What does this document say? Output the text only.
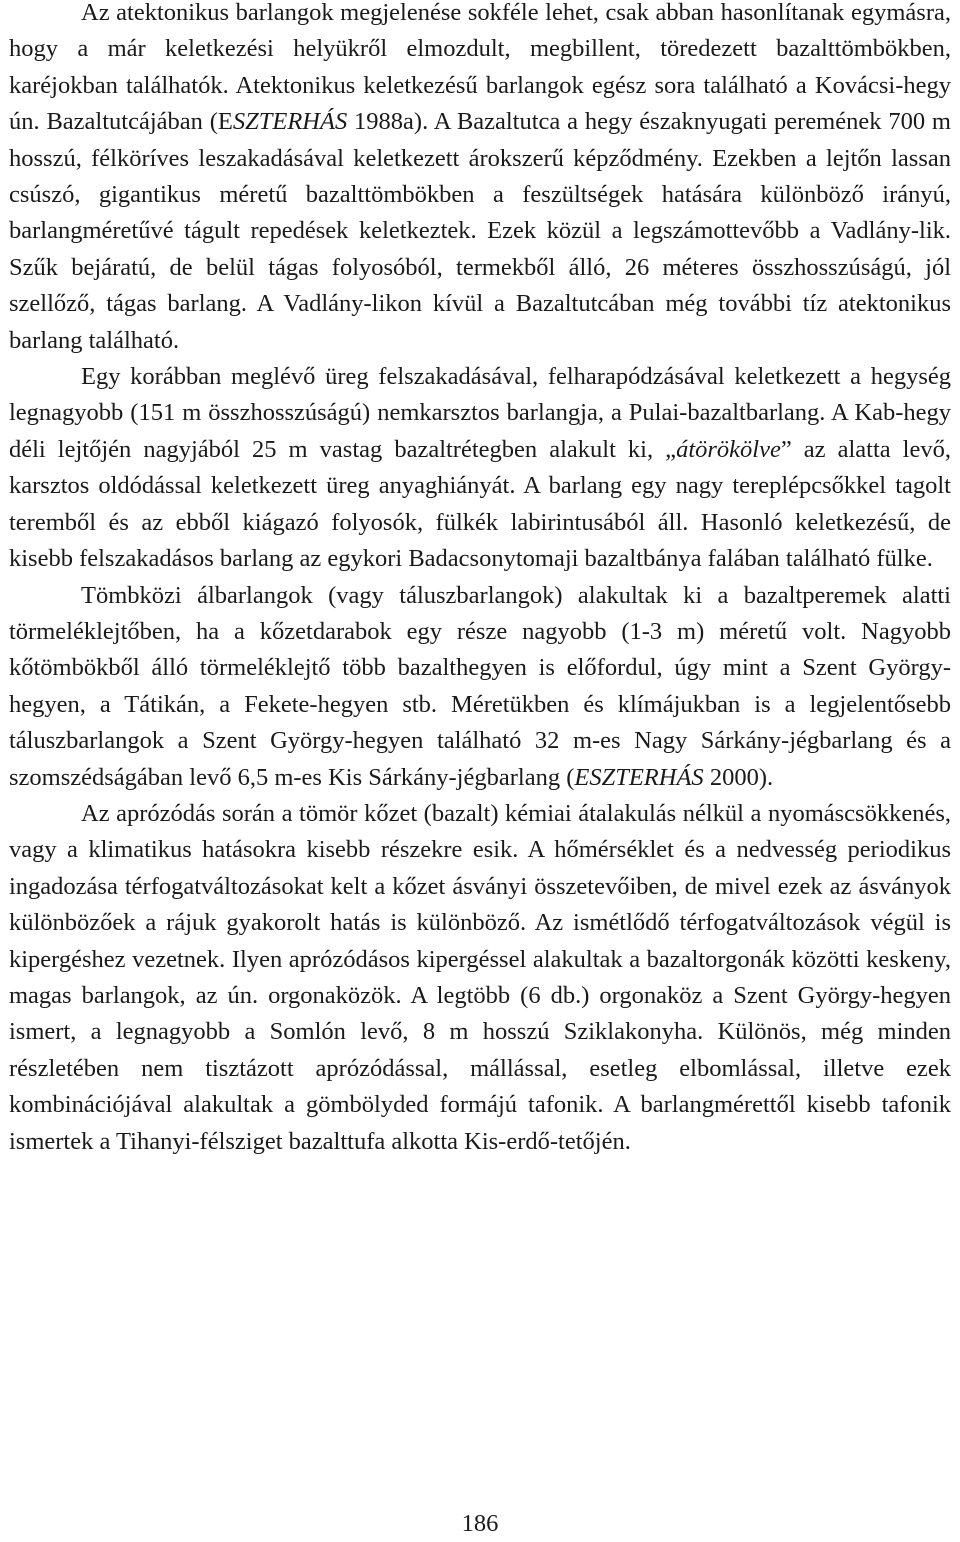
Az atektonikus barlangok megjelenése sokféle lehet, csak abban hasonlítanak egymásra, hogy a már keletkezési helyükről elmozdult, megbillent, töredezett bazalttömbökben, karéjokban találhatók. Atektonikus keletkezésű barlangok egész sora található a Kovácsi-hegy ún. Bazaltutcájában (ESZTERHÁS 1988a). A Bazaltutca a hegy északnyugati peremének 700 m hosszú, félköríves leszakadásával keletkezett árokszerű képződmény. Ezekben a lejtőn lassan csúszó, gigantikus méretű bazalttömbökben a feszültségek hatására különböző irányú, barlangméretűvé tágult repedések keletkeztek. Ezek közül a legszámottevőbb a Vadlány-lik. Szűk bejáratú, de belül tágas folyosóból, termekből álló, 26 méteres összhosszúságú, jól szellőző, tágas barlang. A Vadlány-likon kívül a Bazaltutcában még további tíz atektonikus barlang található.

Egy korábban meglévő üreg felszakadásával, felharapódzásával keletkezett a hegység legnagyobb (151 m összhosszúságú) nemkarsztos barlangja, a Pulai-bazaltbarlang. A Kab-hegy déli lejtőjén nagyjából 25 m vastag bazaltrétegben alakult ki, „átörökölve” az alatta levő, karsztos oldódással keletkezett üreg anyaghiányát. A barlang egy nagy tereplépcsőkkel tagolt teremből és az ebből kiágazó folyosók, fülkék labirintusából áll. Hasonló keletkezésű, de kisebb felszakadásos barlang az egykori Badacsonytomaji bazaltbánya falában található fülke.

Tömbközi álbarlangok (vagy táluszbarlangok) alakultak ki a bazaltperemek alatti törmeléklejtőben, ha a kőzetdarabok egy része nagyobb (1-3 m) méretű volt. Nagyobb kőtömbökből álló törmeléklejtő több bazalthegyen is előfordul, úgy mint a Szent György-hegyen, a Tátikán, a Fekete-hegyen stb. Méretükben és klímájukban is a legjelentősebb táluszbarlangok a Szent György-hegyen található 32 m-es Nagy Sárkány-jégbarlang és a szomszédságában levő 6,5 m-es Kis Sárkány-jégbarlang (ESZTERHÁS 2000).

Az aprózódás során a tömör kőzet (bazalt) kémiai átalakulás nélkül a nyomáscsökkenés, vagy a klimatikus hatásokra kisebb részekre esik. A hőmérséklet és a nedvesség periodikus ingadozása térfogatváltozásokat kelt a kőzet ásványi összetevőiben, de mivel ezek az ásványok különbözőek a rájuk gyakorolt hatás is különböző. Az ismétlődő térfogatváltozások végül is kipergéshez vezetnek. Ilyen aprózódásos kipergéssel alakultak a bazaltorgonák közötti keskeny, magas barlangok, az ún. orgonaközök. A legtöbb (6 db.) orgonaköz a Szent György-hegyen ismert, a legnagyobb a Somlón levő, 8 m hosszú Sziklakonyha. Különös, még minden részletében nem tisztázott aprózódással, mállással, esetleg elbomlással, illetve ezek kombinációjával alakultak a gömbölyded formájú tafonik. A barlangmérettől kisebb tafonik ismertek a Tihanyi-félsziget bazalttufa alkotta Kis-erdő-tetőjén.

186
